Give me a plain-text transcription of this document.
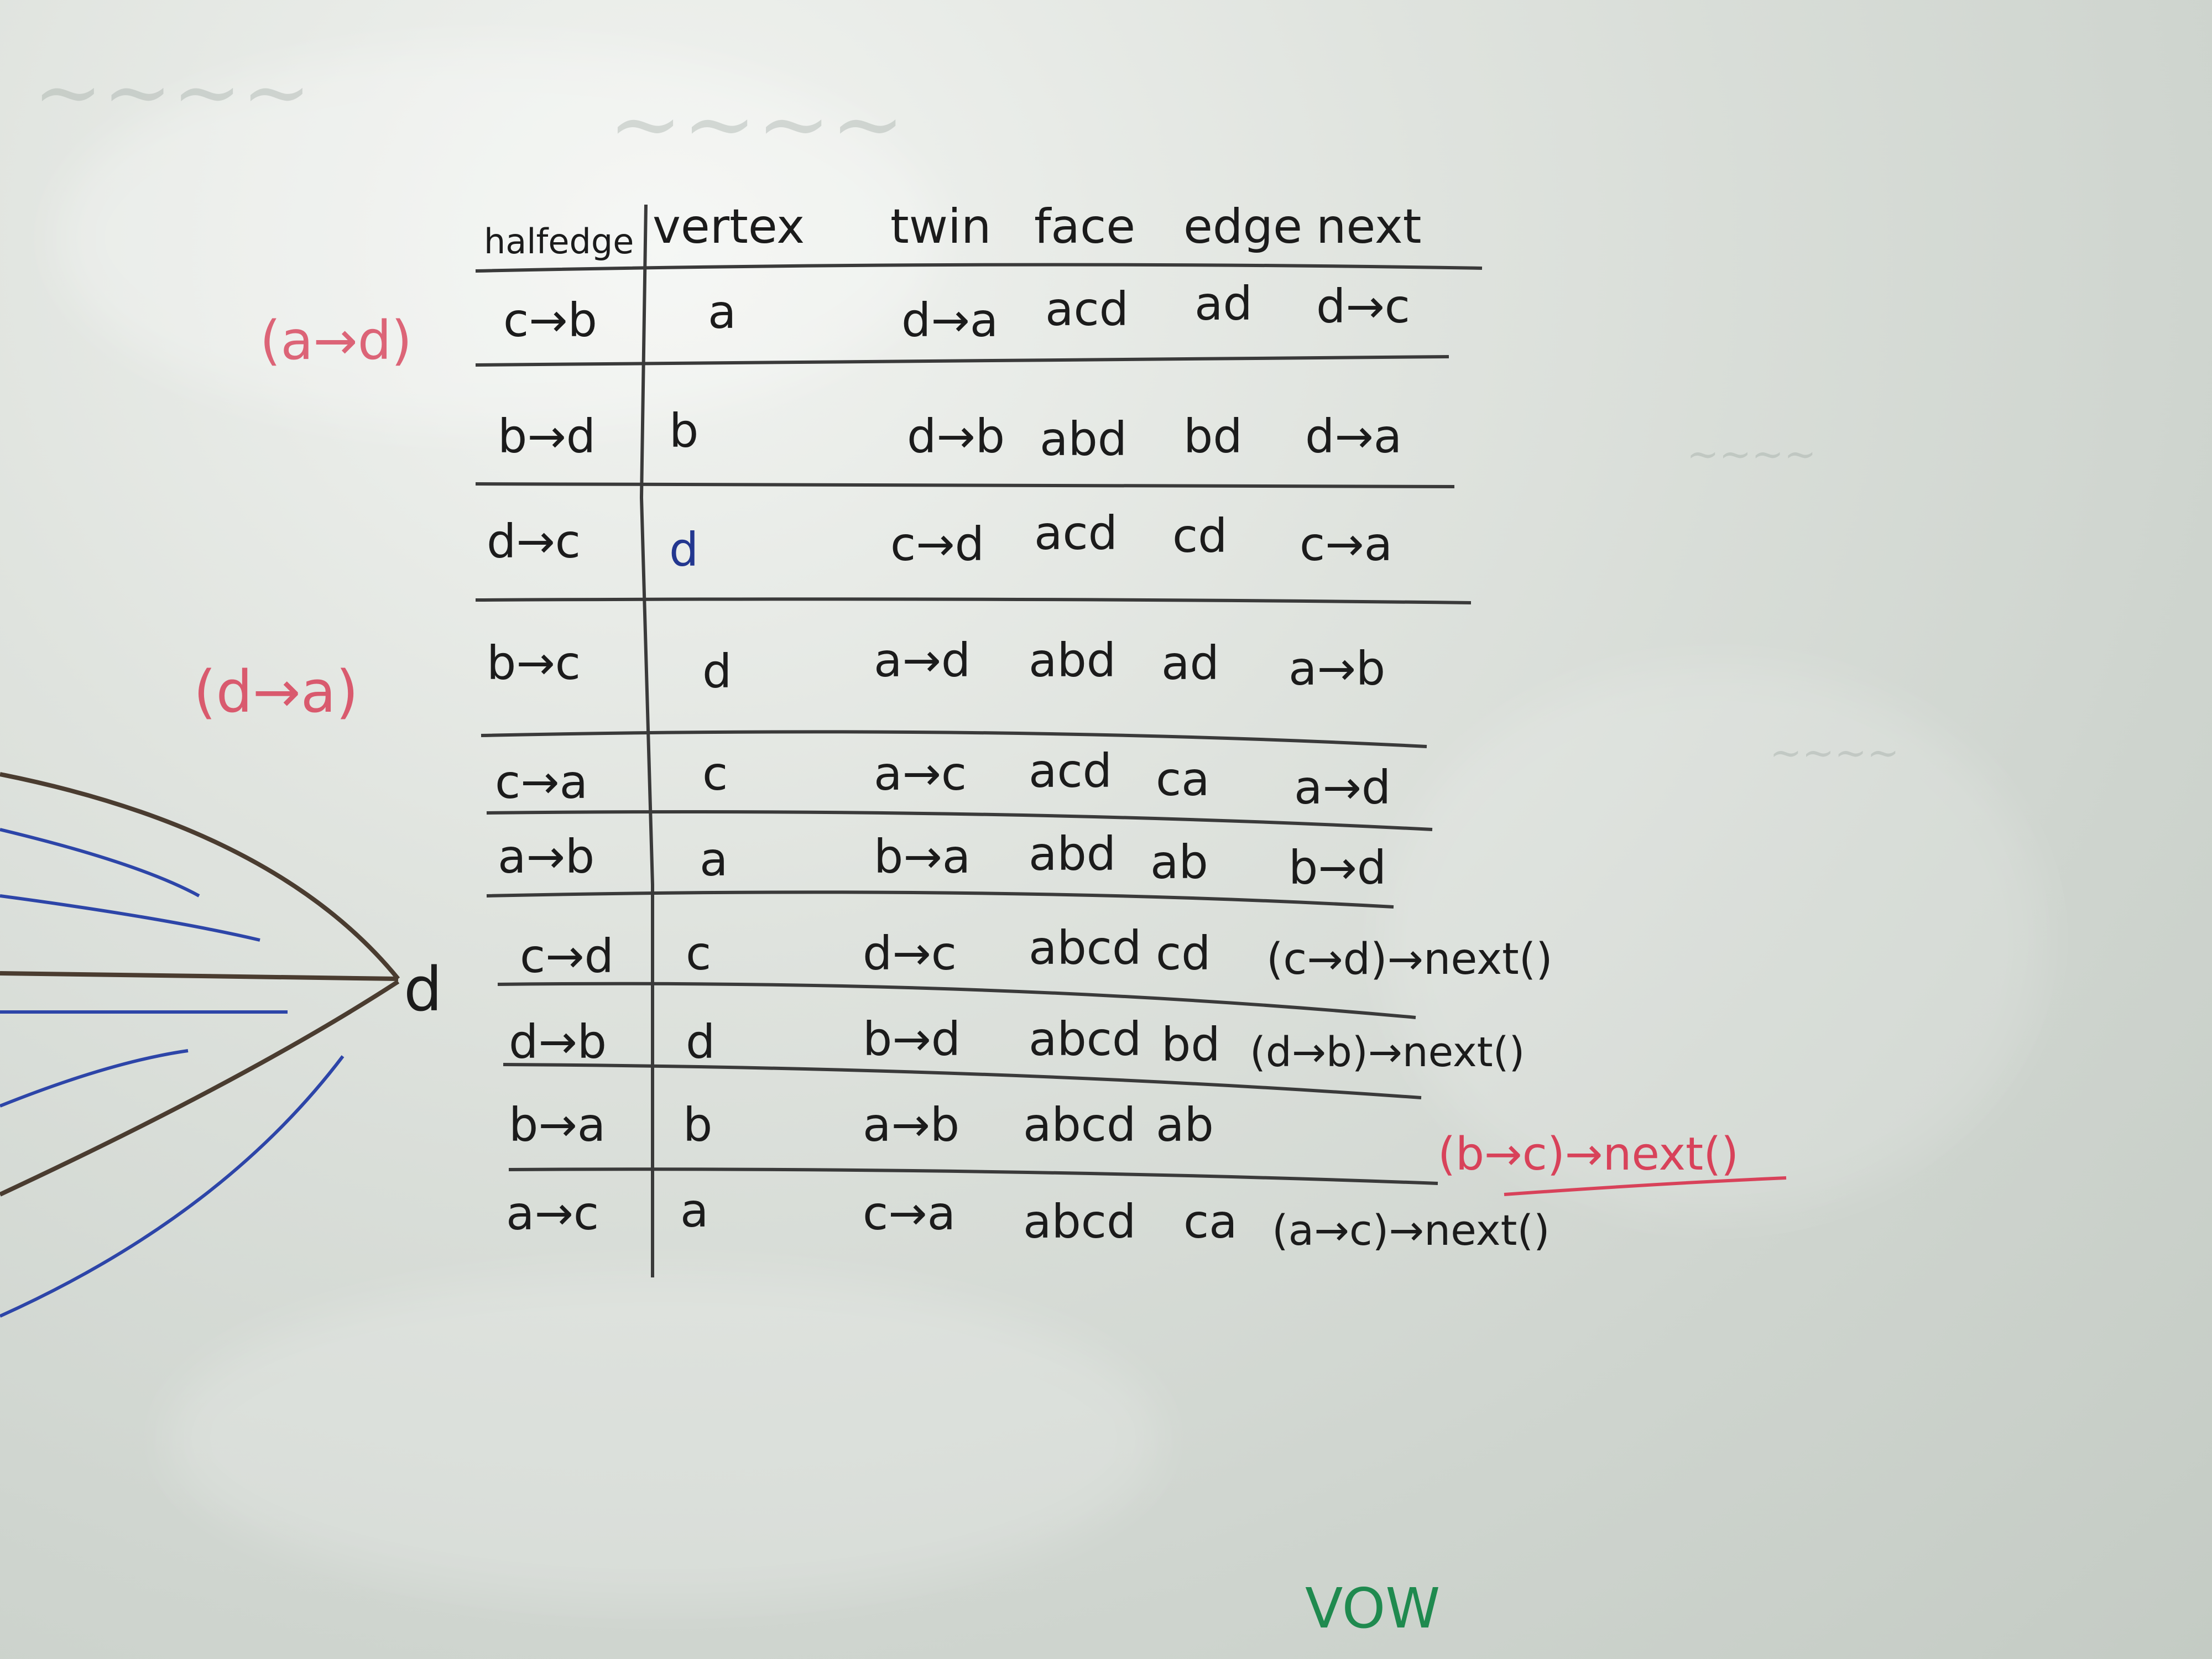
~~~~	~~~~
~~~~
~~~~
halfedge vertex twin face edge next
c→b a	d→a acd ad d→c
b→d b	d→b abd bd d→a
d→c d	c→d acd cd c→a
b→c	d	a→d abd ad a→b
c→a c	a→c acd ca a→d
a→b a	b→a abd ab b→d
c→d c	d→c abcd cd (c→d)→next()
d→b d	b→d abcd bd (d→b)→next()
b→a b	a→b abcd ab
a→c a	c→a abcd ca (a→c)→next()
(a→d)
(d→a)
(b→c)→next()
d
VOW
